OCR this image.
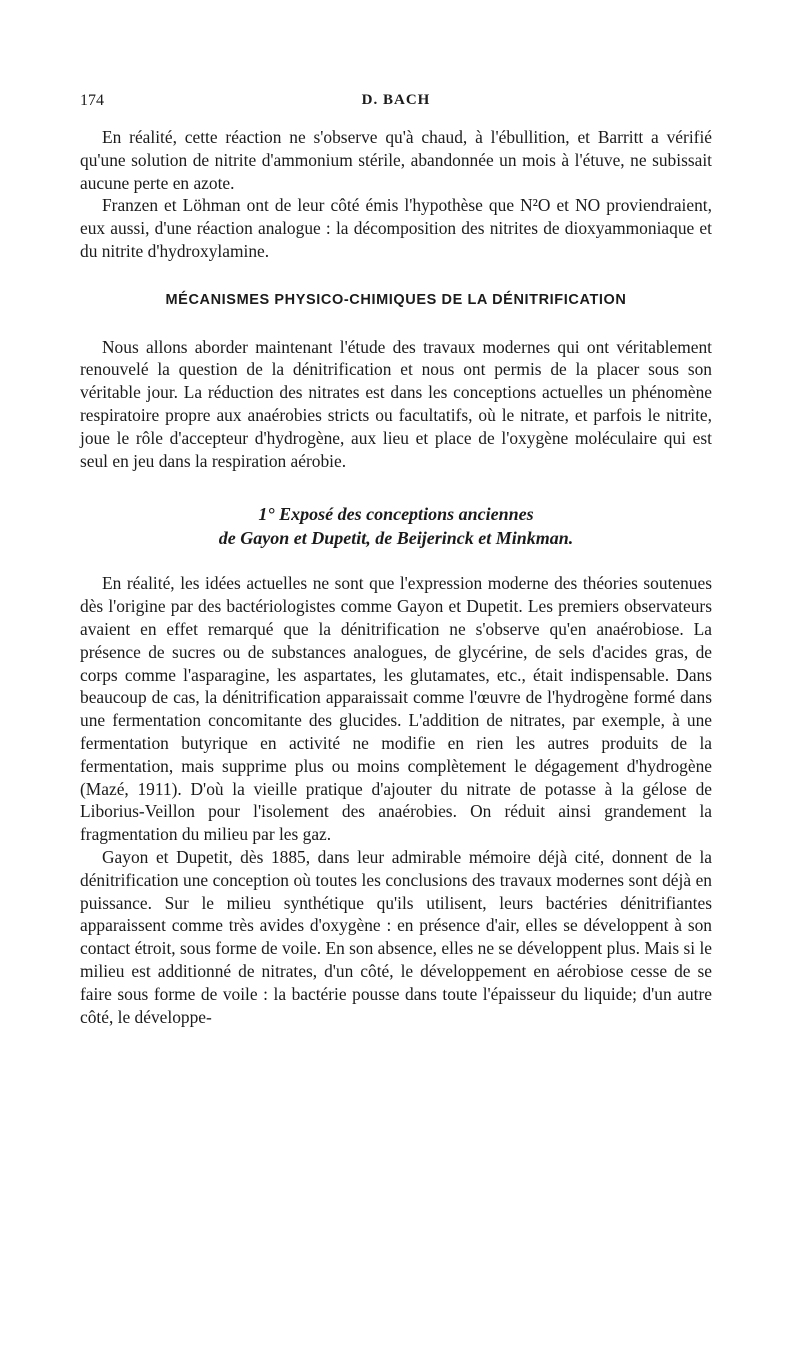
174	D. BACH

En réalité, cette réaction ne s'observe qu'à chaud, à l'ébullition, et Barritt a vérifié qu'une solution de nitrite d'ammonium stérile, abandonnée un mois à l'étuve, ne subissait aucune perte en azote.

Franzen et Löhman ont de leur côté émis l'hypothèse que N²O et NO proviendraient, eux aussi, d'une réaction analogue : la décomposition des nitrites de dioxyammoniaque et du nitrite d'hydroxylamine.

MÉCANISMES PHYSICO-CHIMIQUES DE LA DÉNITRIFICATION

Nous allons aborder maintenant l'étude des travaux modernes qui ont véritablement renouvelé la question de la dénitrification et nous ont permis de la placer sous son véritable jour. La réduction des nitrates est dans les conceptions actuelles un phénomène respiratoire propre aux anaérobies stricts ou facultatifs, où le nitrate, et parfois le nitrite, joue le rôle d'accepteur d'hydrogène, aux lieu et place de l'oxygène moléculaire qui est seul en jeu dans la respiration aérobie.

1° Exposé des conceptions anciennes
de Gayon et Dupetit, de Beijerinck et Minkman.

En réalité, les idées actuelles ne sont que l'expression moderne des théories soutenues dès l'origine par des bactériologistes comme Gayon et Dupetit. Les premiers observateurs avaient en effet remarqué que la dénitrification ne s'observe qu'en anaérobiose. La présence de sucres ou de substances analogues, de glycérine, de sels d'acides gras, de corps comme l'asparagine, les aspartates, les glutamates, etc., était indispensable. Dans beaucoup de cas, la dénitrification apparaissait comme l'œuvre de l'hydrogène formé dans une fermentation concomitante des glucides. L'addition de nitrates, par exemple, à une fermentation butyrique en activité ne modifie en rien les autres produits de la fermentation, mais supprime plus ou moins complètement le dégagement d'hydrogène (Mazé, 1911). D'où la vieille pratique d'ajouter du nitrate de potasse à la gélose de Liborius-Veillon pour l'isolement des anaérobies. On réduit ainsi grandement la fragmentation du milieu par les gaz.

Gayon et Dupetit, dès 1885, dans leur admirable mémoire déjà cité, donnent de la dénitrification une conception où toutes les conclusions des travaux modernes sont déjà en puissance. Sur le milieu synthétique qu'ils utilisent, leurs bactéries dénitrifiantes apparaissent comme très avides d'oxygène : en présence d'air, elles se développent à son contact étroit, sous forme de voile. En son absence, elles ne se développent plus. Mais si le milieu est additionné de nitrates, d'un côté, le développement en aérobiose cesse de se faire sous forme de voile : la bactérie pousse dans toute l'épaisseur du liquide; d'un autre côté, le développe-
